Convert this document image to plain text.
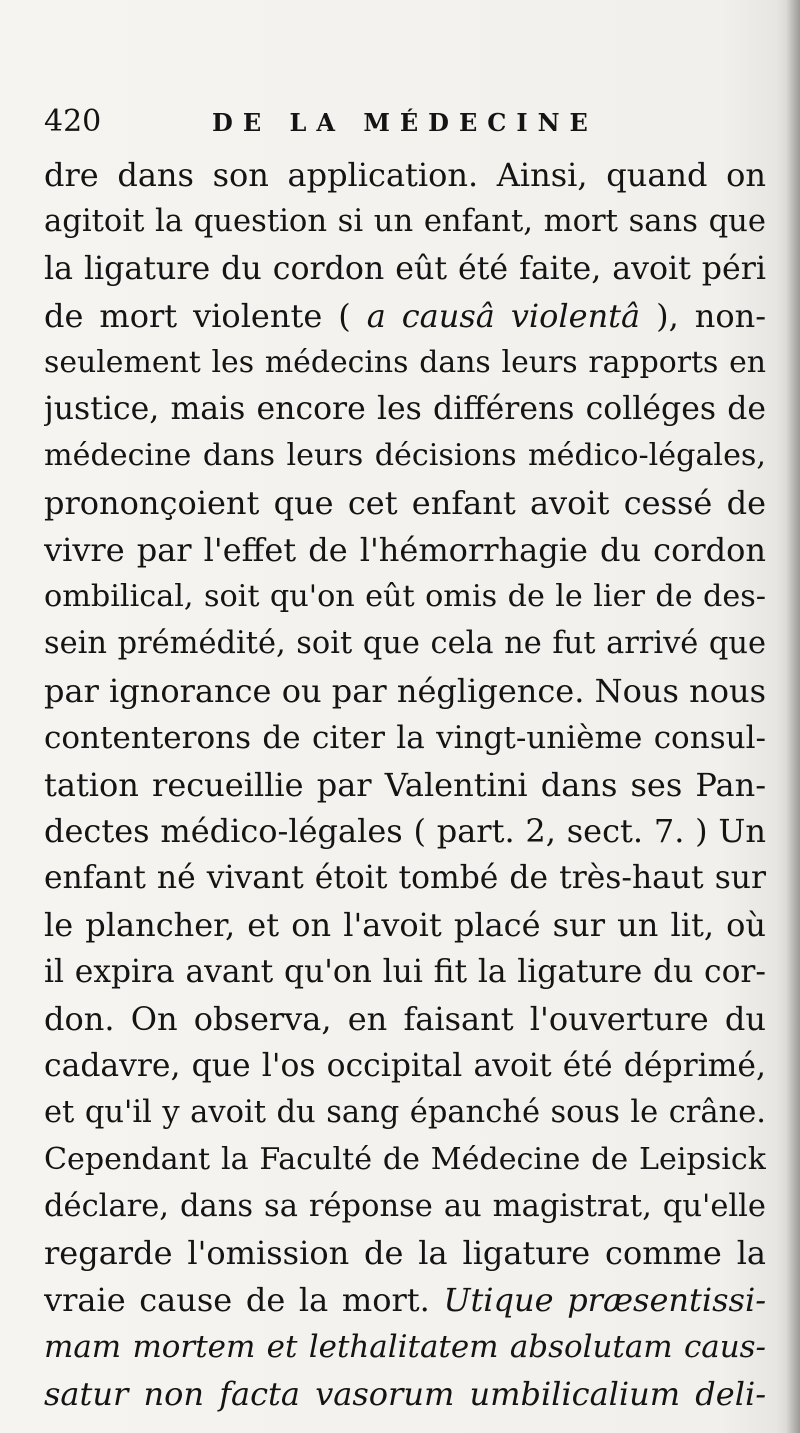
420	DE LA MÉDECINE
dre dans son application. Ainsi, quand on
agitoit la question si un enfant, mort sans que
la ligature du cordon eût été faite, avoit péri
de mort violente ( a causâ violentâ ), non-
seulement les médecins dans leurs rapports en
justice, mais encore les différens colléges de
médecine dans leurs décisions médico-légales,
prononçoient que cet enfant avoit cessé de
vivre par l'effet de l'hémorrhagie du cordon
ombilical, soit qu'on eût omis de le lier de des-
sein prémédité, soit que cela ne fut arrivé que
par ignorance ou par négligence. Nous nous
contenterons de citer la vingt-unième consul-
tation recueillie par Valentini dans ses Pan-
dectes médico-légales ( part. 2, sect. 7. ) Un
enfant né vivant étoit tombé de très-haut sur
le plancher, et on l'avoit placé sur un lit, où
il expira avant qu'on lui fit la ligature du cor-
don. On observa, en faisant l'ouverture du
cadavre, que l'os occipital avoit été déprimé,
et qu'il y avoit du sang épanché sous le crâne.
Cependant la Faculté de Médecine de Leipsick
déclare, dans sa réponse au magistrat, qu'elle
regarde l'omission de la ligature comme la
vraie cause de la mort. Utique præsentissi-
mam mortem et lethalitatem absolutam caus-
satur non facta vasorum umbilicalium deli-
